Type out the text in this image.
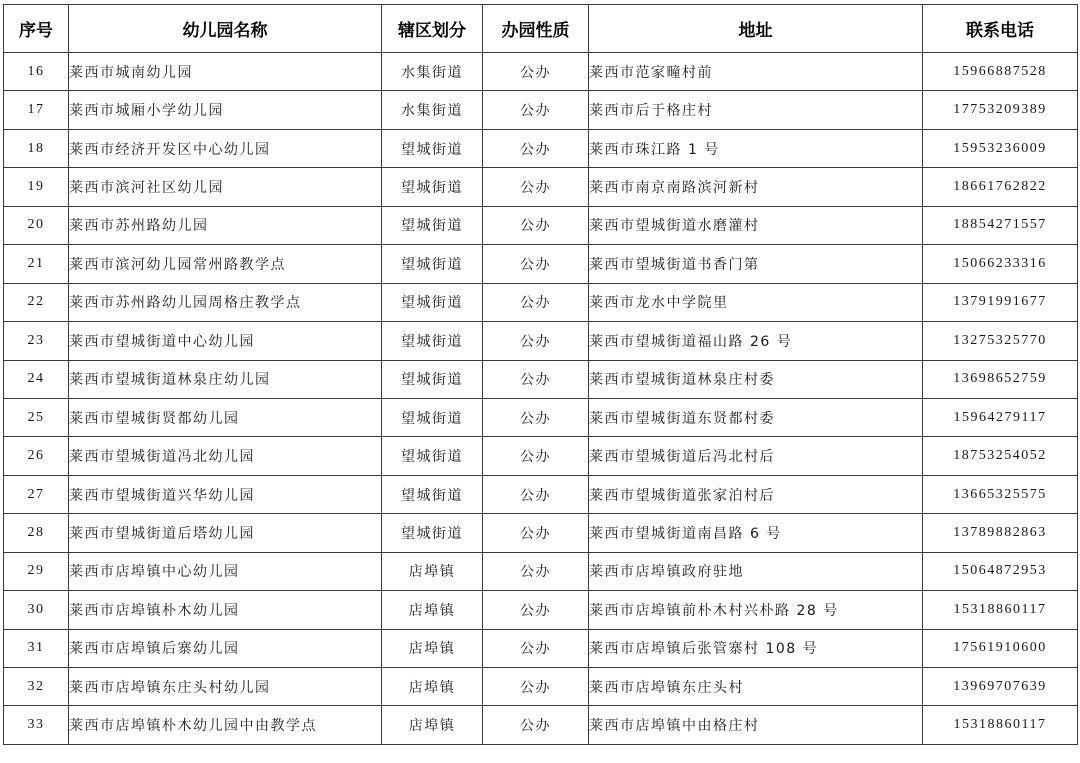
序号	幼儿园名称	辖区划分	办园性质	地址	联系电话
16	莱西市城南幼儿园	水集街道	公办	莱西市范家疃村前	15966887528
17	莱西市城厢小学幼儿园	水集街道	公办	莱西市后于格庄村	17753209389
18	莱西市经济开发区中心幼儿园	望城街道	公办	莱西市珠江路 1 号	15953236009
19	莱西市滨河社区幼儿园	望城街道	公办	莱西市南京南路滨河新村	18661762822
20	莱西市苏州路幼儿园	望城街道	公办	莱西市望城街道水磨灌村	18854271557
21	莱西市滨河幼儿园常州路教学点	望城街道	公办	莱西市望城街道书香门第	15066233316
22	莱西市苏州路幼儿园周格庄教学点	望城街道	公办	莱西市龙水中学院里	13791991677
23	莱西市望城街道中心幼儿园	望城街道	公办	莱西市望城街道福山路 26 号	13275325770
24	莱西市望城街道林泉庄幼儿园	望城街道	公办	莱西市望城街道林泉庄村委	13698652759
25	莱西市望城街贤都幼儿园	望城街道	公办	莱西市望城街道东贤都村委	15964279117
26	莱西市望城街道冯北幼儿园	望城街道	公办	莱西市望城街道后冯北村后	18753254052
27	莱西市望城街道兴华幼儿园	望城街道	公办	莱西市望城街道张家泊村后	13665325575
28	莱西市望城街道后塔幼儿园	望城街道	公办	莱西市望城街道南昌路 6 号	13789882863
29	莱西市店埠镇中心幼儿园	店埠镇	公办	莱西市店埠镇政府驻地	15064872953
30	莱西市店埠镇朴木幼儿园	店埠镇	公办	莱西市店埠镇前朴木村兴朴路 28 号	15318860117
31	莱西市店埠镇后寨幼儿园	店埠镇	公办	莱西市店埠镇后张管寨村 108 号	17561910600
32	莱西市店埠镇东庄头村幼儿园	店埠镇	公办	莱西市店埠镇东庄头村	13969707639
33	莱西市店埠镇朴木幼儿园中由教学点	店埠镇	公办	莱西市店埠镇中由格庄村	15318860117
